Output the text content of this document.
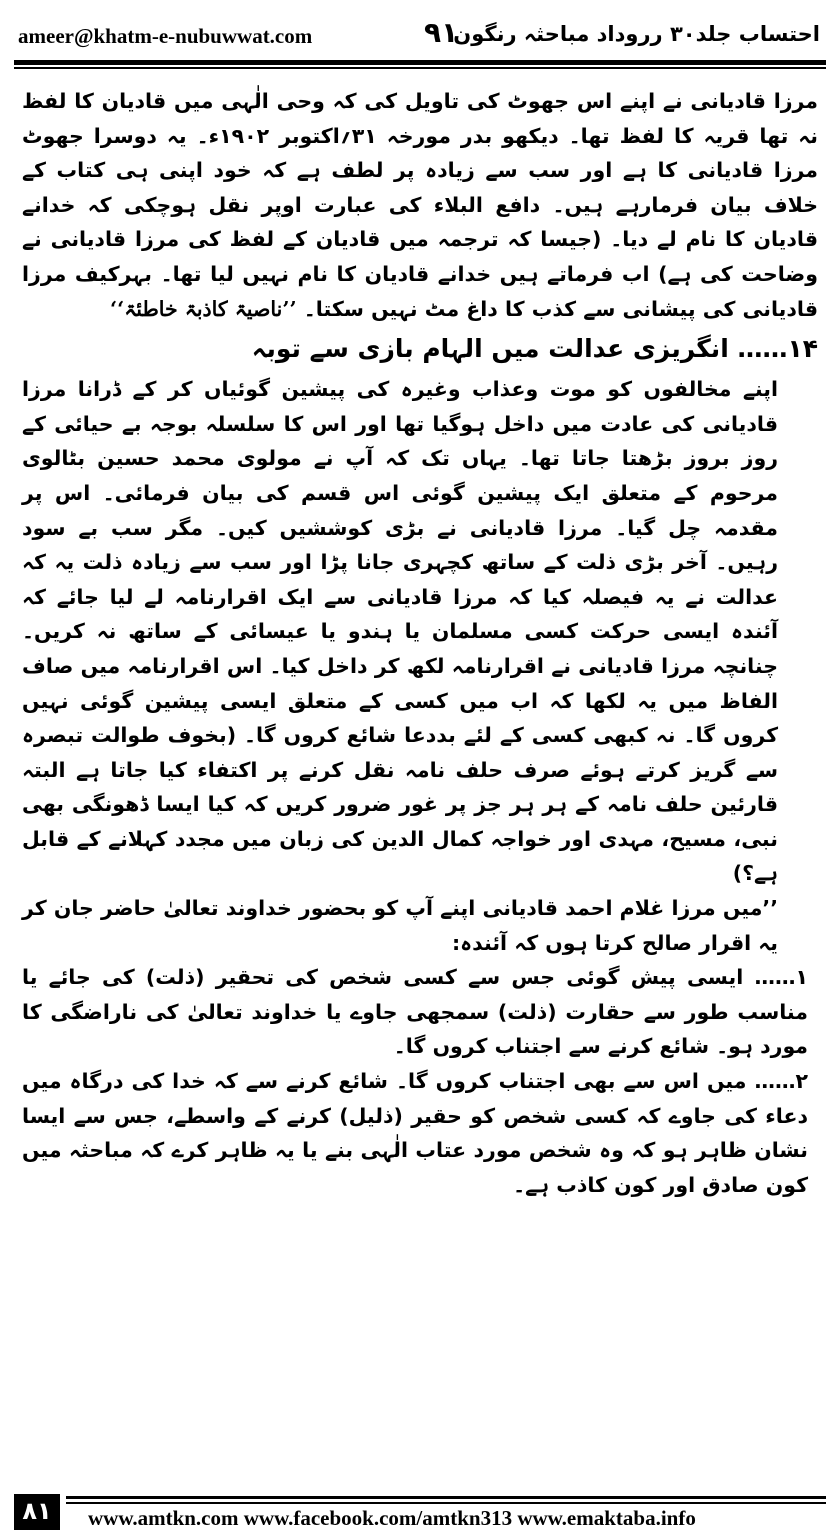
ameer@khatm-e-nubuwwat.com	۹۱
احتساب جلد۳۰ رروداد مباحثہ رنگون

مرزا قادیانی نے اپنے اس جھوٹ کی تاویل کی کہ وحی الٰہی میں قادیان کا لفظ نہ تھا قریہ کا لفظ تھا۔ دیکھو بدر مورخہ ۳۱؍اکتوبر ۱۹۰۲ء۔ یہ دوسرا جھوٹ مرزا قادیانی کا ہے اور سب سے زیادہ پر لطف ہے کہ خود اپنی ہی کتاب کے خلاف بیان فرمارہے ہیں۔ دافع البلاء کی عبارت اوپر نقل ہوچکی کہ خدانے قادیان کا نام لے دیا۔ (جیسا کہ ترجمہ میں قادیان کے لفظ کی مرزا قادیانی نے وضاحت کی ہے) اب فرماتے ہیں خدانے قادیان کا نام نہیں لیا تھا۔ بہرکیف مرزا قادیانی کی پیشانی سے کذب کا داغ مٹ نہیں سکتا۔ ’’ناصیۃ کاذبۃ خاطئۃ‘‘

۱۴…… انگریزی عدالت میں الہام بازی سے توبہ

اپنے مخالفوں کو موت وعذاب وغیرہ کی پیشین گوئیاں کر کے ڈرانا مرزا قادیانی کی عادت میں داخل ہوگیا تھا اور اس کا سلسلہ بوجہ بے حیائی کے روز بروز بڑھتا جاتا تھا۔ یہاں تک کہ آپ نے مولوی محمد حسین بٹالوی مرحوم کے متعلق ایک پیشین گوئی اس قسم کی بیان فرمائی۔ اس پر مقدمہ چل گیا۔ مرزا قادیانی نے بڑی کوششیں کیں۔ مگر سب بے سود رہیں۔ آخر بڑی ذلت کے ساتھ کچہری جانا پڑا اور سب سے زیادہ ذلت یہ کہ عدالت نے یہ فیصلہ کیا کہ مرزا قادیانی سے ایک اقرارنامہ لے لیا جائے کہ آئندہ ایسی حرکت کسی مسلمان یا ہندو یا عیسائی کے ساتھ نہ کریں۔ چنانچہ مرزا قادیانی نے اقرارنامہ لکھ کر داخل کیا۔ اس اقرارنامہ میں صاف الفاظ میں یہ لکھا کہ اب میں کسی کے متعلق ایسی پیشین گوئی نہیں کروں گا۔ نہ کبھی کسی کے لئے بددعا شائع کروں گا۔ (بخوف طوالت تبصرہ سے گریز کرتے ہوئے صرف حلف نامہ نقل کرنے پر اکتفاء کیا جاتا ہے البتہ قارئین حلف نامہ کے ہر ہر جز پر غور ضرور کریں کہ کیا ایسا ڈھونگی بھی نبی، مسیح، مہدی اور خواجہ کمال الدین کی زبان میں مجدد کہلانے کے قابل ہے؟)

’’میں مرزا غلام احمد قادیانی اپنے آپ کو بحضور خداوند تعالیٰ حاضر جان کر یہ اقرار صالح کرتا ہوں کہ آئندہ:

۱…… ایسی پیش گوئی جس سے کسی شخص کی تحقیر (ذلت) کی جائے یا مناسب طور سے حقارت (ذلت) سمجھی جاوے یا خداوند تعالیٰ کی ناراضگی کا مورد ہو۔ شائع کرنے سے اجتناب کروں گا۔

۲…… میں اس سے بھی اجتناب کروں گا۔ شائع کرنے سے کہ خدا کی درگاہ میں دعاء کی جاوے کہ کسی شخص کو حقیر (ذلیل) کرنے کے واسطے، جس سے ایسا نشان ظاہر ہو کہ وہ شخص مورد عتاب الٰہی بنے یا یہ ظاہر کرے کہ مباحثہ میں کون صادق اور کون کاذب ہے۔

۸۱	www.amtkn.com www.facebook.com/amtkn313 www.emaktaba.info
